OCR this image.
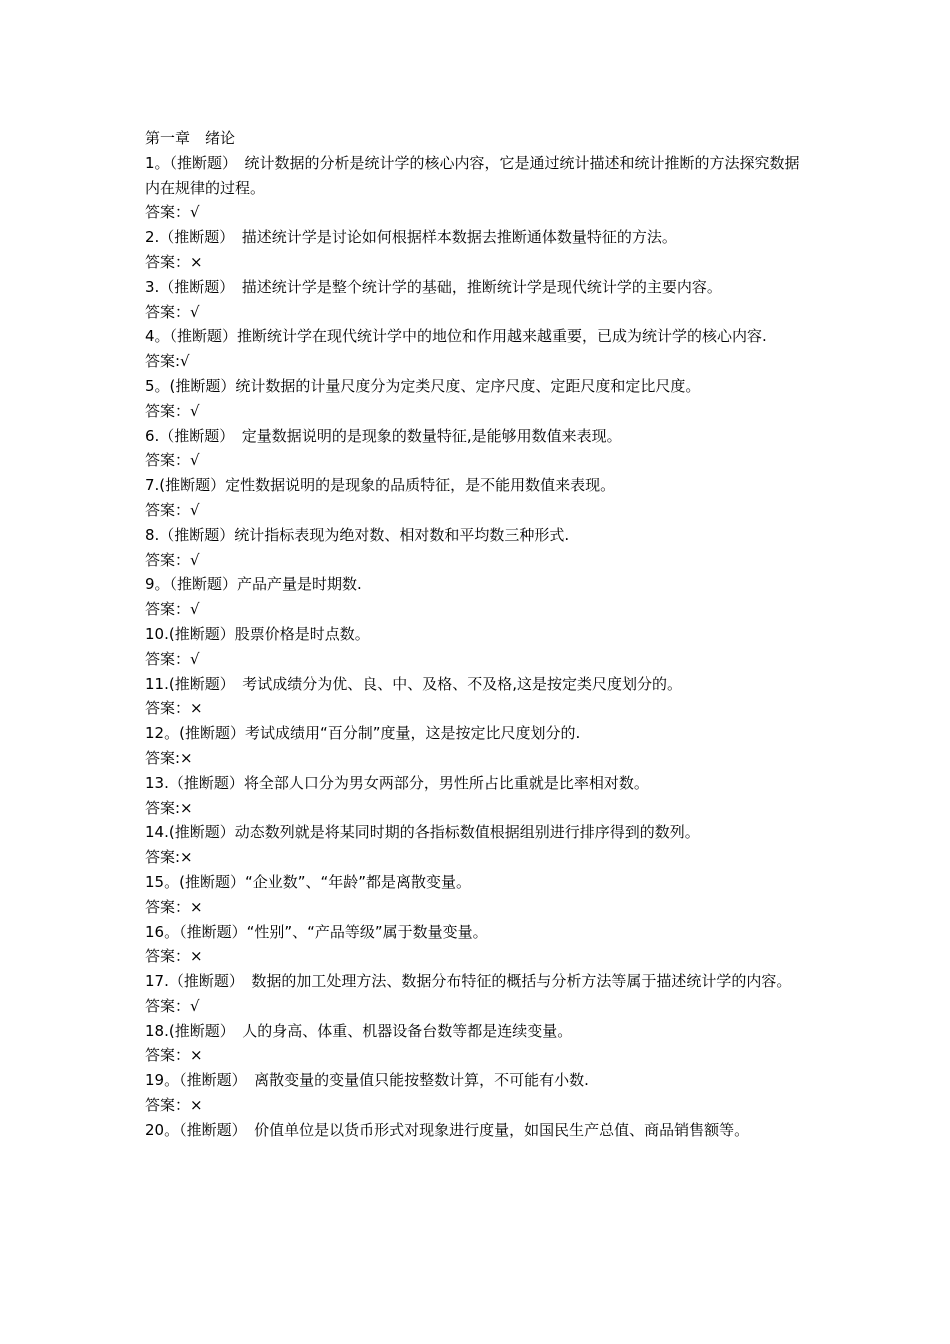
第一章　绪论

1。（推断题）　统计数据的分析是统计学的核心内容，它是通过统计描述和统计推断的方法探究数据内在规律的过程。

答案：√

2.（推断题）　描述统计学是讨论如何根据样本数据去推断通体数量特征的方法。

答案：×

3.（推断题）　描述统计学是整个统计学的基础，推断统计学是现代统计学的主要内容。

答案：√

4。（推断题）推断统计学在现代统计学中的地位和作用越来越重要，已成为统计学的核心内容.

答案:√

5。(推断题）统计数据的计量尺度分为定类尺度、定序尺度、定距尺度和定比尺度。

答案：√

6.（推断题）　定量数据说明的是现象的数量特征,是能够用数值来表现。

答案：√

7.(推断题）定性数据说明的是现象的品质特征，是不能用数值来表现。

答案：√

8.（推断题）统计指标表现为绝对数、相对数和平均数三种形式.

答案：√

9。（推断题）产品产量是时期数.

答案：√

10.(推断题）股票价格是时点数。

答案：√

11.(推断题）　考试成绩分为优、良、中、及格、不及格,这是按定类尺度划分的。

答案：×

12。(推断题）考试成绩用“百分制”度量，这是按定比尺度划分的.

答案:×

13.（推断题）将全部人口分为男女两部分，男性所占比重就是比率相对数。

答案:×

14.(推断题）动态数列就是将某同时期的各指标数值根据组别进行排序得到的数列。

答案:×

15。(推断题）“企业数”、“年龄”都是离散变量。

答案：×

16。（推断题）“性别”、“产品等级”属于数量变量。

答案：×

17.（推断题）　数据的加工处理方法、数据分布特征的概括与分析方法等属于描述统计学的内容。

答案：√

18.(推断题）　人的身高、体重、机器设备台数等都是连续变量。

答案：×

19。（推断题）　离散变量的变量值只能按整数计算，不可能有小数.

答案：×

20。（推断题）　价值单位是以货币形式对现象进行度量，如国民生产总值、商品销售额等。
